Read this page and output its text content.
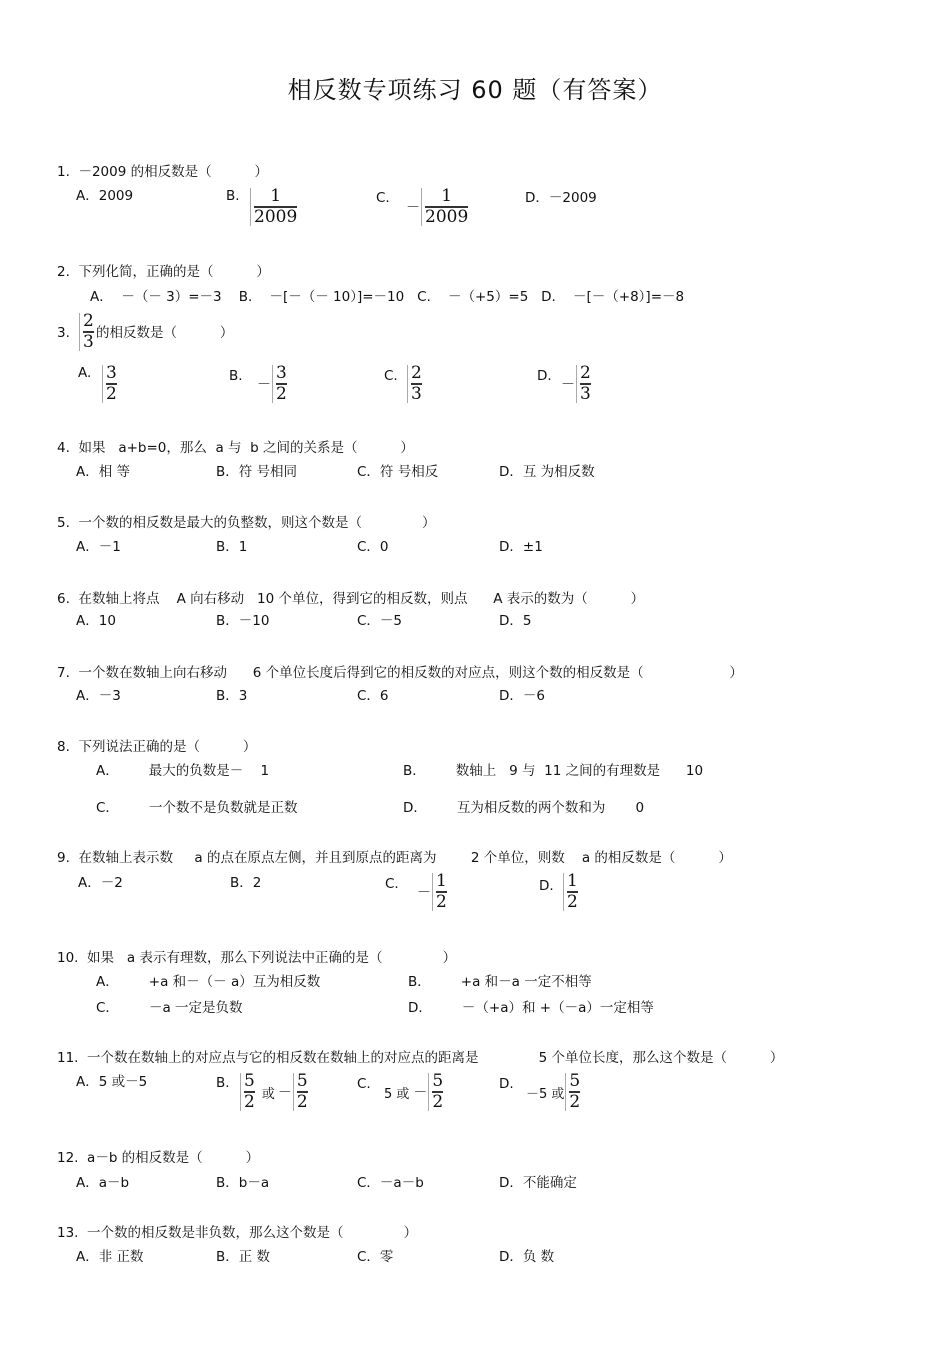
相反数专项练习 60 题（有答案）
1.  －2009 的相反数是（          ）
A．2009	B. $\frac{1}{2009}$	C.
－ $\frac{1}{2009}$	D．－2009
2.  下列化简，正确的是（          ）
A．  －（－ 3）=－3    B.    －[－（－ 10）]=－10   C.    －（+5）=5   D.    －[－（+8）]=－8
3. $\frac{2}{3}$
的相反数是（          ）
A. $\frac{3}{2}$	B.
－ $\frac{3}{2}$	C. $\frac{2}{3}$	D.
－ $\frac{2}{3}$
4.  如果   a+b=0，那么  a 与  b 之间的关系是（          ）
A．相 等	B．符 号相同	C．符 号相反	D．互 为相反数
5.  一个数的相反数是最大的负整数，则这个数是（              ）
A．－1	B．1	C．0	D．±1
6.  在数轴上将点    A 向右移动   10 个单位，得到它的相反数，则点      A 表示的数为（          ）
A．10	B．－10	C．－5	D．5
7.  一个数在数轴上向右移动      6 个单位长度后得到它的相反数的对应点，则这个数的相反数是（                    ）
A．－3	B．3	C．6	D．－6
8.  下列说法正确的是（          ）
A．       最大的负数是－    1	B．       数轴上   9 与  11 之间的有理数是      10
C．       一个数不是负数就是正数	D．       互为相反数的两个数和为       0
9.  在数轴上表示数     a 的点在原点左侧，并且到原点的距离为        2 个单位，则数    a 的相反数是（          ）
A．－2	B．2	C.
－ $\frac{1}{2}$	D. $\frac{1}{2}$
10.  如果   a 表示有理数，那么下列说法中正确的是（              ）
A．       +a 和－（－ a）互为相反数	B．       +a 和－a 一定不相等
C．       －a 一定是负数	D．       －（+a）和 +（－a）一定相等
11.  一个数在数轴上的对应点与它的相反数在数轴上的对应点的距离是              5 个单位长度，那么这个数是（          ）
A．5 或－5	B. $\frac{5}{2}$ 或 － $\frac{5}{2}$	C.
5 或 － $\frac{5}{2}$	D.
－5 或 $\frac{5}{2}$
12.  a－b 的相反数是（          ）
A．a－b	B．b－a	C．－a－b	D．不能确定
13.  一个数的相反数是非负数，那么这个数是（              ）
A．非 正数	B．正 数	C．零	D．负 数
